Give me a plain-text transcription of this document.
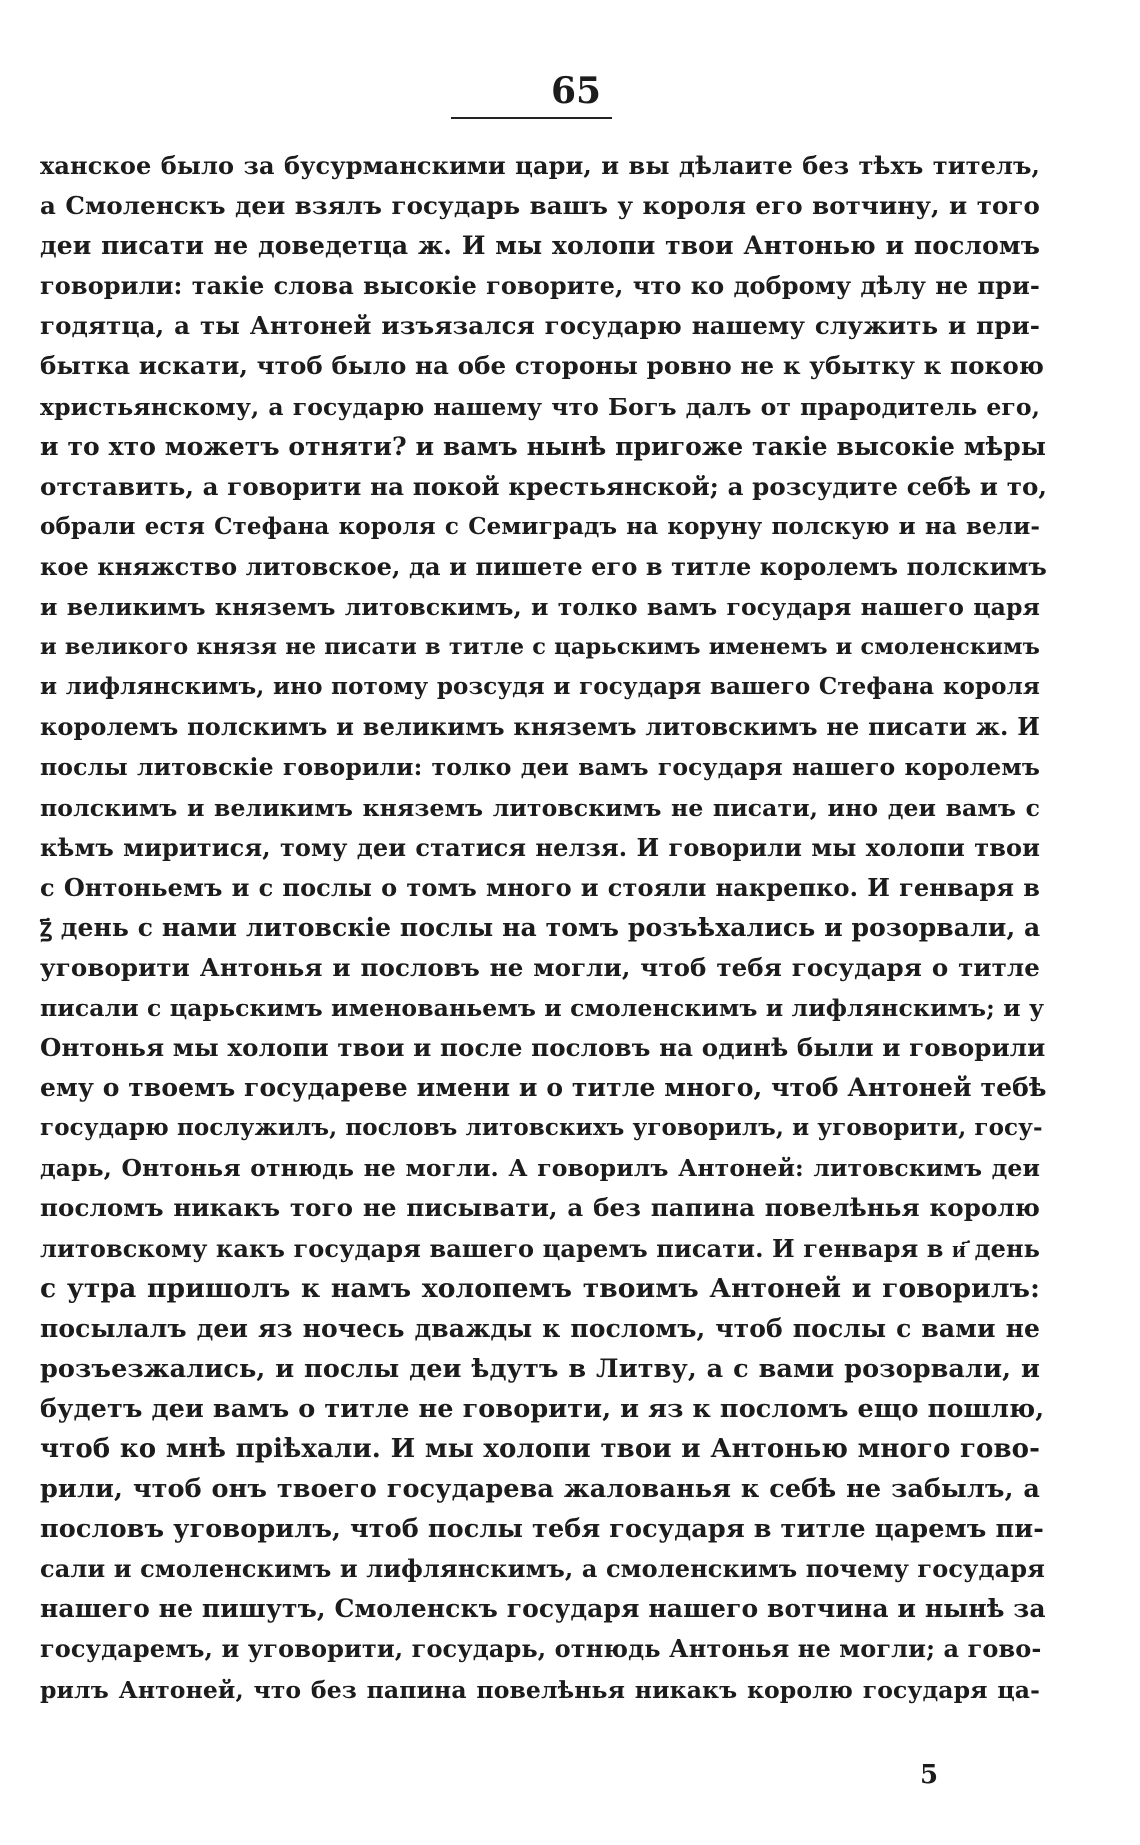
65
ханское было за бусурманскими цари, и вы дѣлаите без тѣхъ тителъ,
а Смоленскъ деи взялъ государь вашъ у короля его вотчину, и того
деи писати не доведетца ж. И мы холопи твои Антонью и посломъ
говорили: такіе слова высокіе говорите, что ко доброму дѣлу не при-
годятца, а ты Антоней изъязался государю нашему служить и при-
бытка искати, чтоб было на обе стороны ровно не к убытку к покою
христьянскому, а государю нашему что Богъ далъ от прародитель его,
и то хто можетъ отняти? и вамъ нынѣ пригоже такіе высокіе мѣры
отставить, а говорити на покой крестьянской; а розсудите себѣ и то,
обрали естя Стефана короля с Семиградъ на коруну полскую и на вели-
кое княжство литовское, да и пишете его в титле королемъ полскимъ
и великимъ княземъ литовскимъ, и толко вамъ государя нашего царя
и великого князя не писати в титле с царьскимъ именемъ и смоленскимъ
и лифлянскимъ, ино потому розсудя и государя вашего Стефана короля
королемъ полскимъ и великимъ княземъ литовскимъ не писати ж. И
послы литовскіе говорили: толко деи вамъ государя нашего королемъ
полскимъ и великимъ княземъ литовскимъ не писати, ино деи вамъ с
кѣмъ миритися, тому деи статися нелзя. И говорили мы холопи твои
с Онтоньемъ и с послы о томъ много и стояли накрепко. И генваря в
ꙁ҃ день с нами литовскіе послы на томъ розъѣхались и розорвали, а
уговорити Антонья и пословъ не могли, чтоб тебя государя о титле
писали с царьскимъ именованьемъ и смоленскимъ и лифлянскимъ; и у
Онтонья мы холопи твои и после пословъ на одинѣ были и говорили
ему о твоемъ государеве имени и о титле много, чтоб Антоней тебѣ
государю послужилъ, пословъ литовскихъ уговорилъ, и уговорити, госу-
дарь, Онтонья отнюдь не могли. А говорилъ Антоней: литовскимъ деи
посломъ никакъ того не писывати, а без папина повелѣнья королю
литовскому какъ государя вашего царемъ писати. И генваря в и҃ день
с утра пришолъ к намъ холопемъ твоимъ Антоней и говорилъ:
посылалъ деи яз ночесь дважды к посломъ, чтоб послы с вами не
розъезжались, и послы деи ѣдутъ в Литву, а с вами розорвали, и
будетъ деи вамъ о титле не говорити, и яз к посломъ ещо пошлю,
чтоб ко мнѣ пріѣхали. И мы холопи твои и Антонью много гово-
рили, чтоб онъ твоего государева жалованья к себѣ не забылъ, а
пословъ уговорилъ, чтоб послы тебя государя в титле царемъ пи-
сали и смоленскимъ и лифлянскимъ, а смоленскимъ почему государя
нашего не пишутъ, Смоленскъ государя нашего вотчина и нынѣ за
государемъ, и уговорити, государь, отнюдь Антонья не могли; а гово-
рилъ Антоней, что без папина повелѣнья никакъ королю государя ца-
5
